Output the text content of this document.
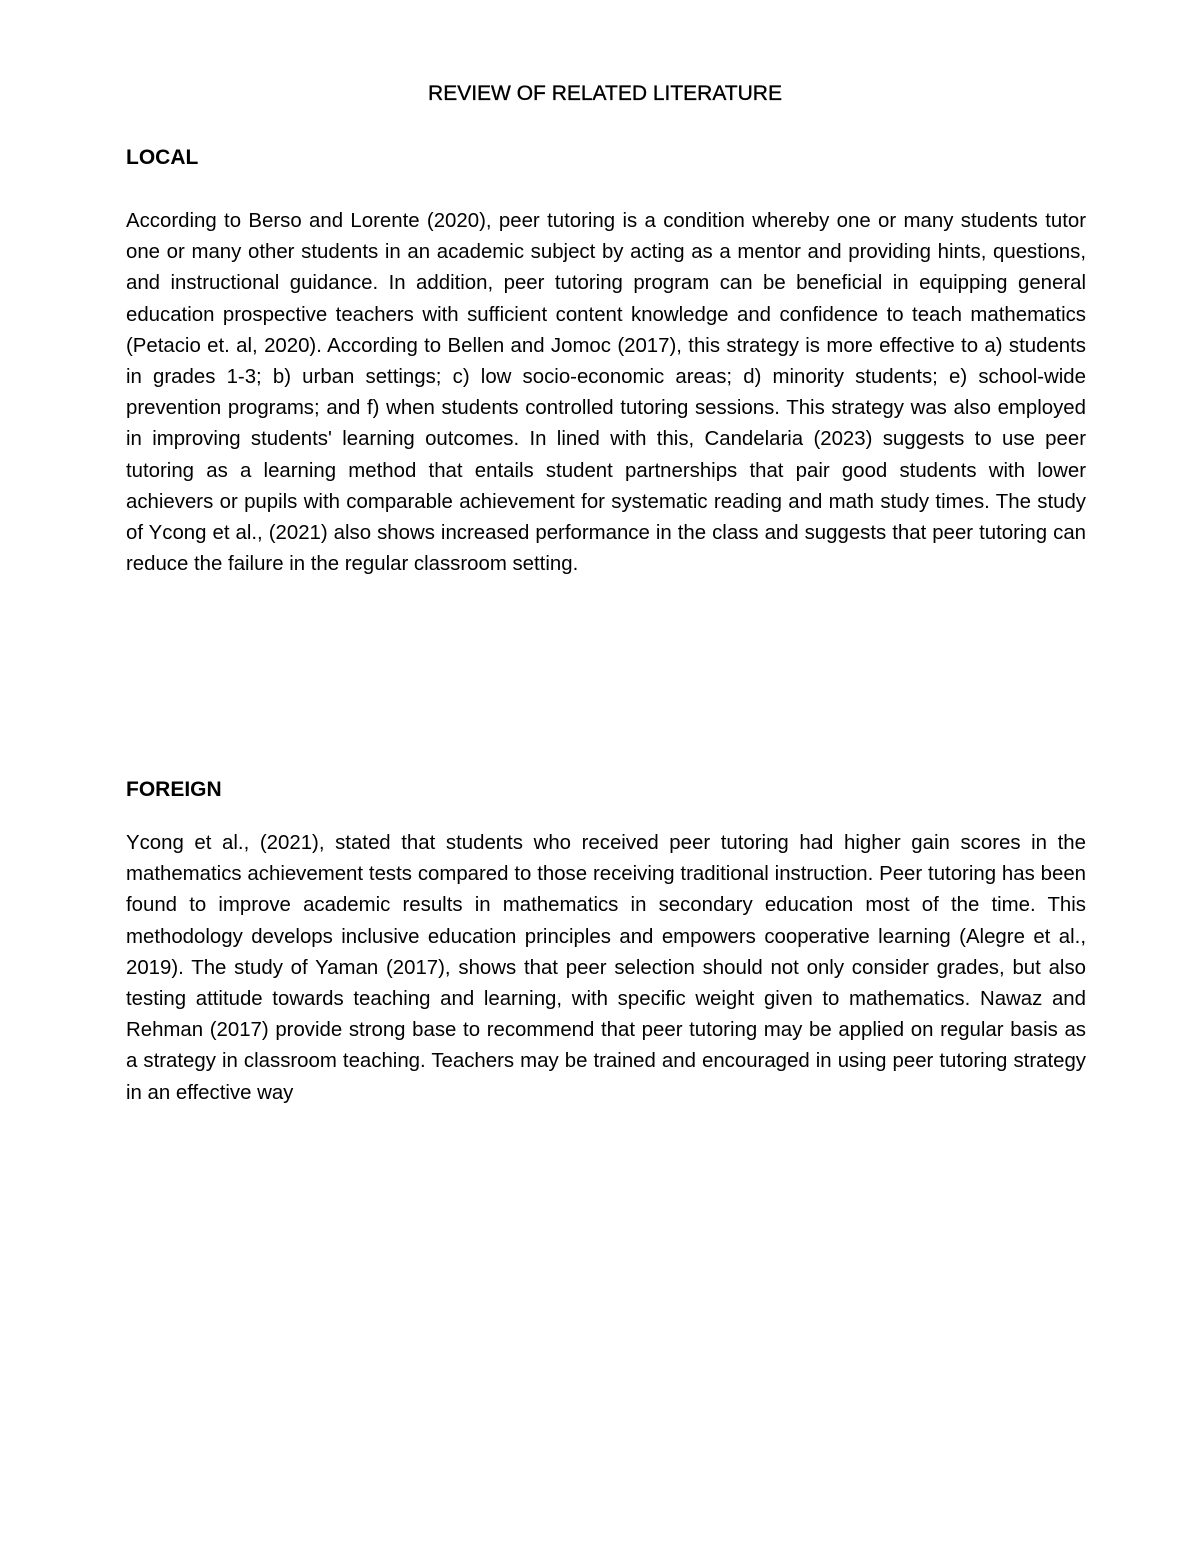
REVIEW OF RELATED LITERATURE
LOCAL

According to Berso and Lorente (2020), peer tutoring is a condition whereby one or many students tutor one or many other students in an academic subject by acting as a mentor and providing hints, questions, and instructional guidance. In addition, peer tutoring program can be beneficial in equipping general education prospective teachers with sufficient content knowledge and confidence to teach mathematics (Petacio et. al, 2020). According to Bellen and Jomoc (2017), this strategy is more effective to a) students in grades 1-3; b) urban settings; c) low socio-economic areas; d) minority students; e) school-wide prevention programs; and f) when students controlled tutoring sessions. This strategy was also employed in improving students' learning outcomes. In lined with this, Candelaria (2023) suggests to use peer tutoring as a learning method that entails student partnerships that pair good students with lower achievers or pupils with comparable achievement for systematic reading and math study times. The study of Ycong et al., (2021) also shows increased performance in the class and suggests that peer tutoring can reduce the failure in the regular classroom setting.

FOREIGN

Ycong et al., (2021), stated that students who received peer tutoring had higher gain scores in the mathematics achievement tests compared to those receiving traditional instruction. Peer tutoring has been found to improve academic results in mathematics in secondary education most of the time. This methodology develops inclusive education principles and empowers cooperative learning (Alegre et al., 2019). The study of Yaman (2017), shows that peer selection should not only consider grades, but also testing attitude towards teaching and learning, with specific weight given to mathematics. Nawaz and Rehman (2017) provide strong base to recommend that peer tutoring may be applied on regular basis as a strategy in classroom teaching. Teachers may be trained and encouraged in using peer tutoring strategy in an effective way
